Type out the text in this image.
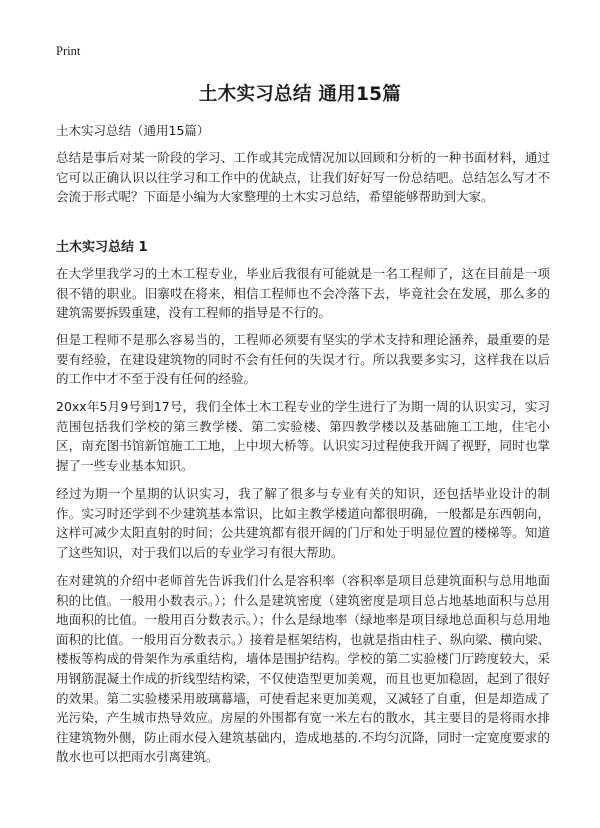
Print
土木实习总结 通用15篇

土木实习总结（通用15篇）

总结是事后对某一阶段的学习、工作或其完成情况加以回顾和分析的一种书面材料，通过它可以正确认识以往学习和工作中的优缺点，让我们好好写一份总结吧。总结怎么写才不会流于形式呢？下面是小编为大家整理的土木实习总结，希望能够帮助到大家。

土木实习总结 1

在大学里我学习的土木工程专业，毕业后我很有可能就是一名工程师了，这在目前是一项很不错的职业。旧寨哎在将来，相信工程师也不会冷落下去，毕竟社会在发展，那么多的建筑需要拆毁重建，没有工程师的指导是不行的。

但是工程师不是那么容易当的，工程师必须要有坚实的学术支持和理论涵养，最重要的是要有经验，在建设建筑物的同时不会有任何的失误才行。所以我要多实习，这样我在以后的工作中才不至于没有任何的经验。

20xx年5月9号到17号，我们全体土木工程专业的学生进行了为期一周的认识实习，实习范围包括我们学校的第三教学楼、第二实验楼、第四教学楼以及基础施工工地，住宅小区，南充图书馆新馆施工工地，上中坝大桥等。认识实习过程使我开阔了视野，同时也掌握了一些专业基本知识。

经过为期一个星期的认识实习，我了解了很多与专业有关的知识，还包括毕业设计的制作。实习时还学到不少建筑基本常识，比如主教学楼道向都很明确，一般都是东西朝向，这样可减少太阳直射的时间；公共建筑都有很开阔的门厅和处于明显位置的楼梯等。知道了这些知识，对于我们以后的专业学习有很大帮助。

在对建筑的介绍中老师首先告诉我们什么是容积率（容积率是项目总建筑面积与总用地面积的比值。一般用小数表示。）；什么是建筑密度（建筑密度是项目总占地基地面积与总用地面积的比值。一般用百分数表示。）；什么是绿地率（绿地率是项目绿地总面积与总用地面积的比值。一般用百分数表示。）接着是框架结构，也就是指由柱子、纵向梁、横向梁、楼板等构成的骨架作为承重结构，墙体是围护结构。学校的第二实验楼门厅跨度较大，采用钢筋混凝土作成的折线型结构梁，不仅使造型更加美观，而且也更加稳固，起到了很好的效果。第二实验楼采用玻璃幕墙，可使看起来更加美观，又减轻了自重，但是却造成了光污染，产生城市热导效应。房屋的外围都有宽一米左右的散水，其主要目的是将雨水排往建筑物外侧，防止雨水侵入建筑基础内，造成地基的.不均匀沉降，同时一定宽度要求的散水也可以把雨水引离建筑。
